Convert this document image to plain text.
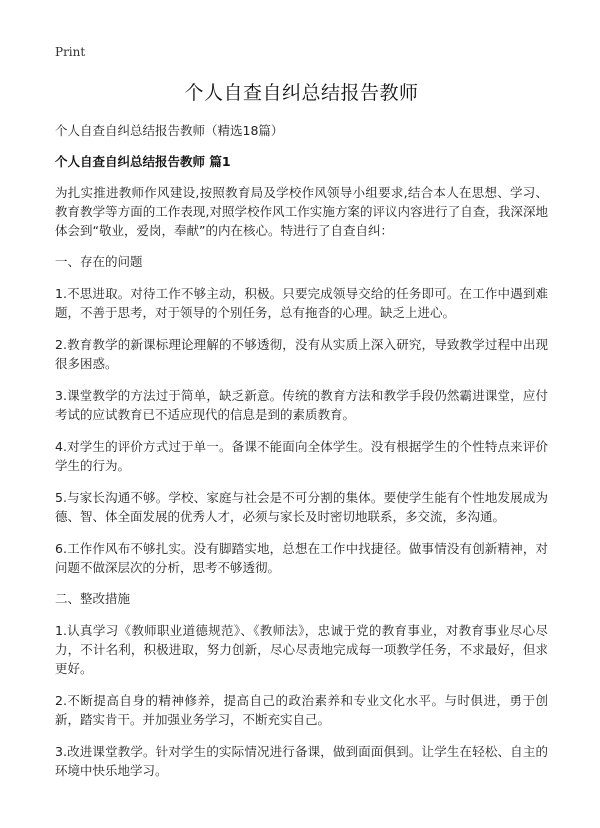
Print
个人自查自纠总结报告教师

个人自查自纠总结报告教师（精选18篇）

个人自查自纠总结报告教师 篇1

为扎实推进教师作风建设,按照教育局及学校作风领导小组要求,结合本人在思想、学习、教育教学等方面的工作表现,对照学校作风工作实施方案的评议内容进行了自查，我深深地体会到“敬业，爱岗，奉献”的内在核心。特进行了自查自纠：

一、存在的问题

1.不思进取。对待工作不够主动，积极。只要完成领导交给的任务即可。在工作中遇到难题，不善于思考，对于领导的个别任务，总有拖沓的心理。缺乏上进心。

2.教育教学的新课标理论理解的不够透彻，没有从实质上深入研究，导致教学过程中出现很多困惑。

3.课堂教学的方法过于简单，缺乏新意。传统的教育方法和教学手段仍然霸进课堂，应付考试的应试教育已不适应现代的信息是到的素质教育。

4.对学生的评价方式过于单一。备课不能面向全体学生。没有根据学生的个性特点来评价学生的行为。

5.与家长沟通不够。学校、家庭与社会是不可分割的集体。要使学生能有个性地发展成为德、智、体全面发展的优秀人才，必须与家长及时密切地联系，多交流，多沟通。

6.工作作风布不够扎实。没有脚踏实地，总想在工作中找捷径。做事情没有创新精神，对问题不做深层次的分析，思考不够透彻。

二、整改措施

1.认真学习《教师职业道德规范》、《教师法》，忠诚于党的教育事业，对教育事业尽心尽力，不计名利，积极进取，努力创新，尽心尽责地完成每一项教学任务，不求最好，但求更好。

2.不断提高自身的精神修养，提高自己的政治素养和专业文化水平。与时俱进，勇于创新，踏实肯干。并加强业务学习，不断充实自己。

3.改进课堂教学。针对学生的实际情况进行备课，做到面面俱到。让学生在轻松、自主的环境中快乐地学习。
